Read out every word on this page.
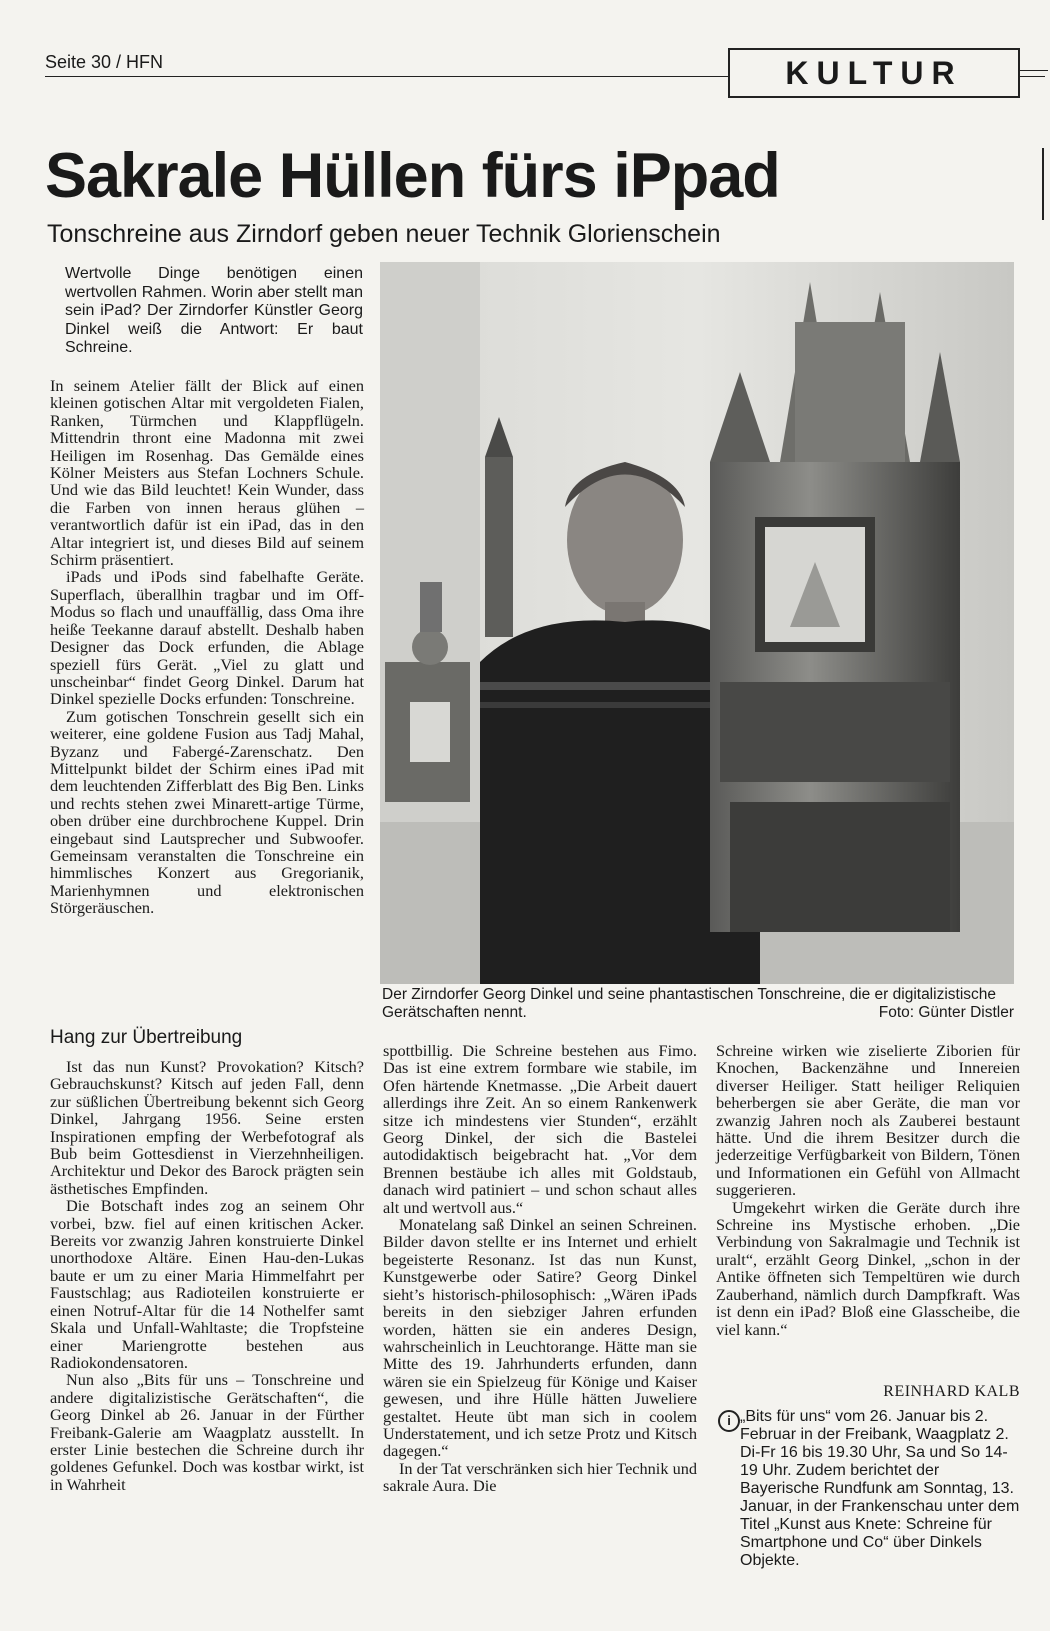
Seite 30 / HFN	KULTUR
Sakrale Hüllen fürs iPpad
Tonschreine aus Zirndorf geben neuer Technik Glorienschein
Wertvolle Dinge benötigen einen wertvollen Rahmen. Worin aber stellt man sein iPad? Der Zirndorfer Künstler Georg Dinkel weiß die Antwort: Er baut Schreine.

In seinem Atelier fällt der Blick auf einen kleinen gotischen Altar mit vergoldeten Fialen, Ranken, Türmchen und Klappflügeln. Mittendrin thront eine Madonna mit zwei Heiligen im Rosenhag. Das Gemälde eines Kölner Meisters aus Stefan Lochners Schule. Und wie das Bild leuchtet! Kein Wunder, dass die Farben von innen heraus glühen – verantwortlich dafür ist ein iPad, das in den Altar integriert ist, und dieses Bild auf seinem Schirm präsentiert.

iPads und iPods sind fabelhafte Geräte. Superflach, überallhin tragbar und im Off-Modus so flach und unauffällig, dass Oma ihre heiße Teekanne darauf abstellt. Deshalb haben Designer das Dock erfunden, die Ablage speziell fürs Gerät. „Viel zu glatt und unscheinbar“ findet Georg Dinkel. Darum hat Dinkel spezielle Docks erfunden: Tonschreine.

Zum gotischen Tonschrein gesellt sich ein weiterer, eine goldene Fusion aus Tadj Mahal, Byzanz und Fabergé-Zarenschatz. Den Mittelpunkt bildet der Schirm eines iPad mit dem leuchtenden Zifferblatt des Big Ben. Links und rechts stehen zwei Minarett-artige Türme, oben drüber eine durchbrochene Kuppel. Drin eingebaut sind Lautsprecher und Subwoofer. Gemeinsam veranstalten die Tonschreine ein himmlisches Konzert aus Gregorianik, Marienhymnen und elektronischen Störgeräuschen.

Hang zur Übertreibung

Ist das nun Kunst? Provokation? Kitsch? Gebrauchskunst? Kitsch auf jeden Fall, denn zur süßlichen Übertreibung bekennt sich Georg Dinkel, Jahrgang 1956. Seine ersten Inspirationen empfing der Werbefotograf als Bub beim Gottesdienst in Vierzehnheiligen. Architektur und Dekor des Barock prägten sein ästhetisches Empfinden.

Die Botschaft indes zog an seinem Ohr vorbei, bzw. fiel auf einen kritischen Acker. Bereits vor zwanzig Jahren konstruierte Dinkel unorthodoxe Altäre. Einen Hau-den-Lukas baute er um zu einer Maria Himmelfahrt per Faustschlag; aus Radioteilen konstruierte er einen Notruf-Altar für die 14 Nothelfer samt Skala und Unfall-Wahltaste; die Tropfsteine einer Mariengrotte bestehen aus Radiokondensatoren.

Nun also „Bits für uns – Tonschreine und andere digitalizistische Gerätschaften“, die Georg Dinkel ab 26. Januar in der Fürther Freibank-Galerie am Waagplatz ausstellt. In erster Linie bestechen die Schreine durch ihr goldenes Gefunkel. Doch was kostbar wirkt, ist in Wahrheit

spottbillig. Die Schreine bestehen aus Fimo. Das ist eine extrem formbare wie stabile, im Ofen härtende Knetmasse. „Die Arbeit dauert allerdings ihre Zeit. An so einem Rankenwerk sitze ich mindestens vier Stunden“, erzählt Georg Dinkel, der sich die Bastelei autodidaktisch beigebracht hat. „Vor dem Brennen bestäube ich alles mit Goldstaub, danach wird patiniert – und schon schaut alles alt und wertvoll aus.“

Monatelang saß Dinkel an seinen Schreinen. Bilder davon stellte er ins Internet und erhielt begeisterte Resonanz. Ist das nun Kunst, Kunstgewerbe oder Satire? Georg Dinkel sieht’s historisch-philosophisch: „Wären iPads bereits in den siebziger Jahren erfunden worden, hätten sie ein anderes Design, wahrscheinlich in Leuchtorange. Hätte man sie Mitte des 19. Jahrhunderts erfunden, dann wären sie ein Spielzeug für Könige und Kaiser gewesen, und ihre Hülle hätten Juweliere gestaltet. Heute übt man sich in coolem Understatement, und ich setze Protz und Kitsch dagegen.“

In der Tat verschränken sich hier Technik und sakrale Aura. Die

Schreine wirken wie ziselierte Ziborien für Knochen, Backenzähne und Innereien diverser Heiliger. Statt heiliger Reliquien beherbergen sie aber Geräte, die man vor zwanzig Jahren noch als Zauberei bestaunt hätte. Und die ihrem Besitzer durch die jederzeitige Verfügbarkeit von Bildern, Tönen und Informationen ein Gefühl von Allmacht suggerieren.

Umgekehrt wirken die Geräte durch ihre Schreine ins Mystische erhoben. „Die Verbindung von Sakralmagie und Technik ist uralt“, erzählt Georg Dinkel, „schon in der Antike öffneten sich Tempeltüren wie durch Zauberhand, nämlich durch Dampfkraft. Was ist denn ein iPad? Bloß eine Glasscheibe, die viel kann.“

REINHARD KALB
i „Bits für uns“ vom 26. Januar bis 2. Februar in der Freibank, Waagplatz 2. Di-Fr 16 bis 19.30 Uhr, Sa und So 14-19 Uhr. Zudem berichtet der Bayerische Rundfunk am Sonntag, 13. Januar, in der Frankenschau unter dem Titel „Kunst aus Knete: Schreine für Smartphone und Co“ über Dinkels Objekte.
Der Zirndorfer Georg Dinkel und seine phantastischen Tonschreine, die er digitalizistische Gerätschaften nennt.	Foto: Günter Distler
